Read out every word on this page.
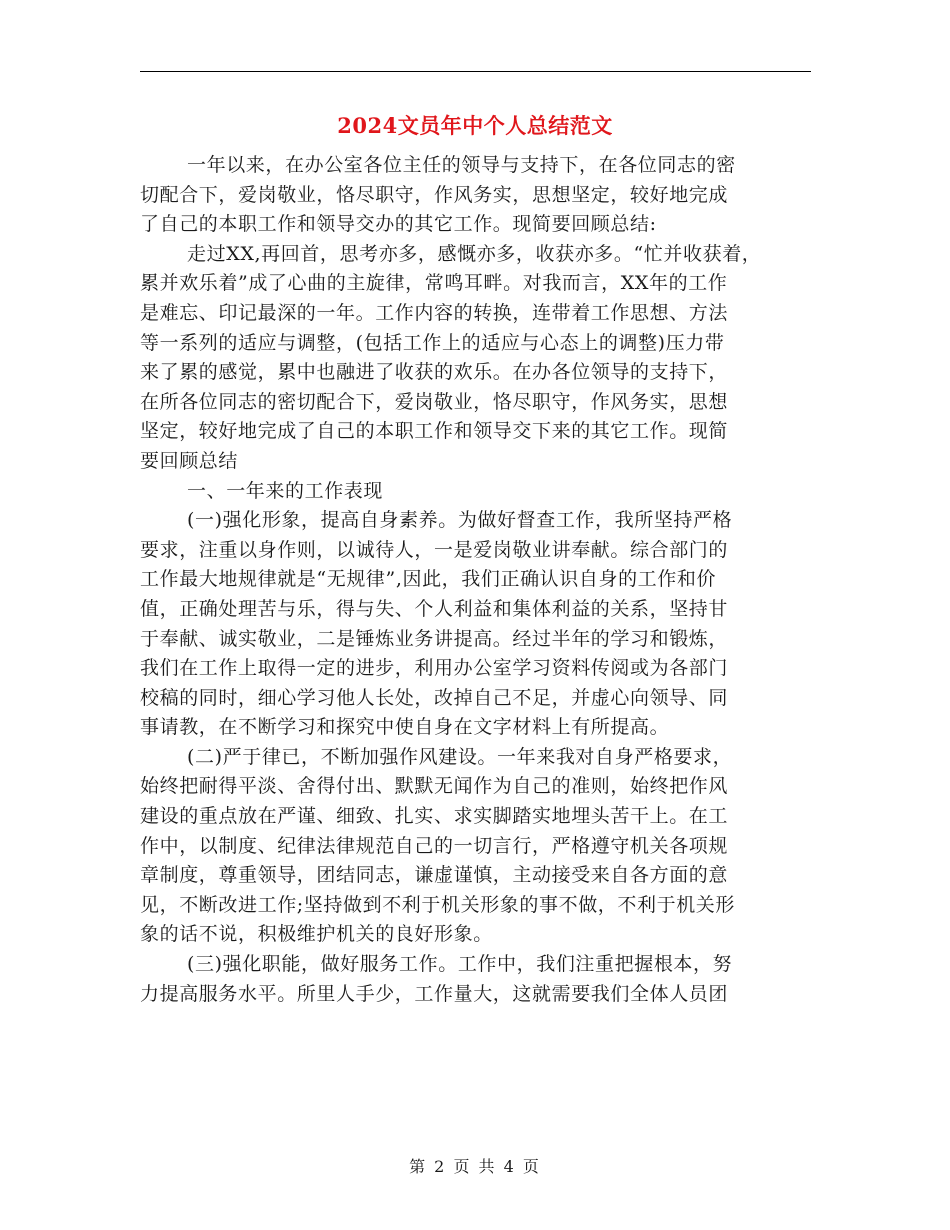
2024文员年中个人总结范文
一年以来，在办公室各位主任的领导与支持下，在各位同志的密
切配合下，爱岗敬业，恪尽职守，作风务实，思想坚定，较好地完成
了自己的本职工作和领导交办的其它工作。现简要回顾总结:
走过XX,再回首，思考亦多，感慨亦多，收获亦多。“忙并收获着，
累并欢乐着”成了心曲的主旋律，常鸣耳畔。对我而言，XX年的工作
是难忘、印记最深的一年。工作内容的转换，连带着工作思想、方法
等一系列的适应与调整，(包括工作上的适应与心态上的调整)压力带
来了累的感觉，累中也融进了收获的欢乐。在办各位领导的支持下，
在所各位同志的密切配合下，爱岗敬业，恪尽职守，作风务实，思想
坚定，较好地完成了自己的本职工作和领导交下来的其它工作。现简
要回顾总结
一、一年来的工作表现
(一)强化形象，提高自身素养。为做好督查工作，我所坚持严格
要求，注重以身作则，以诚待人，一是爱岗敬业讲奉献。综合部门的
工作最大地规律就是“无规律”,因此，我们正确认识自身的工作和价
值，正确处理苦与乐，得与失、个人利益和集体利益的关系，坚持甘
于奉献、诚实敬业，二是锤炼业务讲提高。经过半年的学习和锻炼，
我们在工作上取得一定的进步，利用办公室学习资料传阅或为各部门
校稿的同时，细心学习他人长处，改掉自己不足，并虚心向领导、同
事请教，在不断学习和探究中使自身在文字材料上有所提高。
(二)严于律已，不断加强作风建设。一年来我对自身严格要求，
始终把耐得平淡、舍得付出、默默无闻作为自己的准则，始终把作风
建设的重点放在严谨、细致、扎实、求实脚踏实地埋头苦干上。在工
作中，以制度、纪律法律规范自己的一切言行，严格遵守机关各项规
章制度，尊重领导，团结同志，谦虚谨慎，主动接受来自各方面的意
见，不断改进工作;坚持做到不利于机关形象的事不做，不利于机关形
象的话不说，积极维护机关的良好形象。
(三)强化职能，做好服务工作。工作中，我们注重把握根本，努
力提高服务水平。所里人手少，工作量大，这就需要我们全体人员团
第 2 页 共 4 页
